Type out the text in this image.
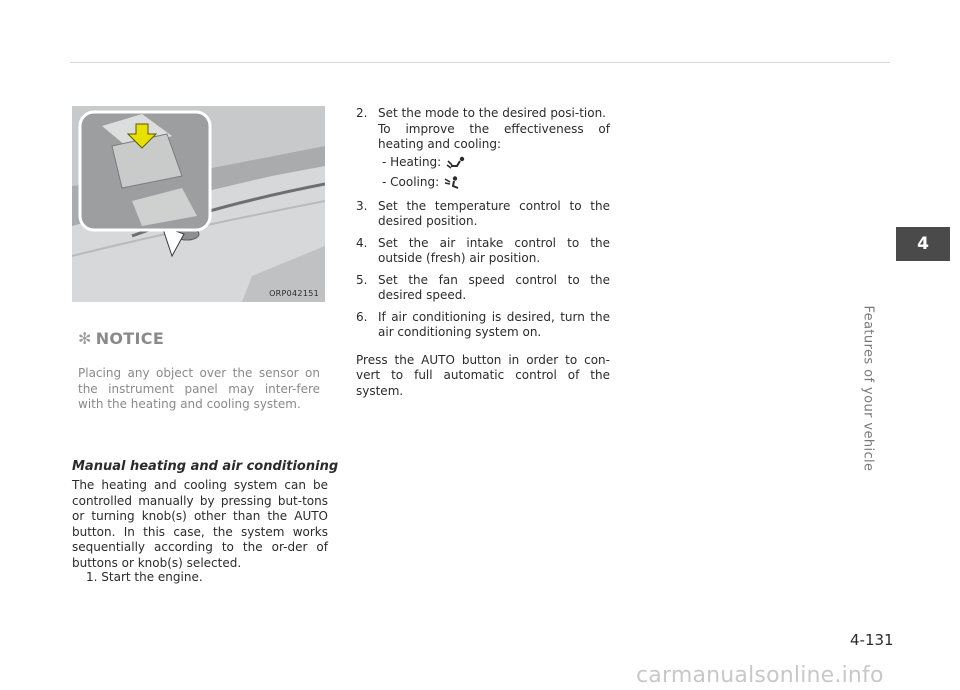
ORP042151
✻ NOTICE
Placing any object over the sensor on the instrument panel may inter-fere with the heating and cooling system.
Manual heating and air conditioning
The heating and cooling system can be controlled manually by pressing but-tons or turning knob(s) other than the AUTO button. In this case, the system works sequentially according to the or-der of buttons or knob(s) selected.
1. Start the engine.
2. Set the mode to the desired posi-tion.
To improve the effectiveness of heating and cooling:
- Heating:
- Cooling:
3. Set the temperature control to the desired position.
4. Set the air intake control to the outside (fresh) air position.
5. Set the fan speed control to the desired speed.
6. If air conditioning is desired, turn the air conditioning system on.
Press the AUTO button in order to con-vert to full automatic control of the system.
4
Features of your vehicle
4-131
carmanualsonline.info
